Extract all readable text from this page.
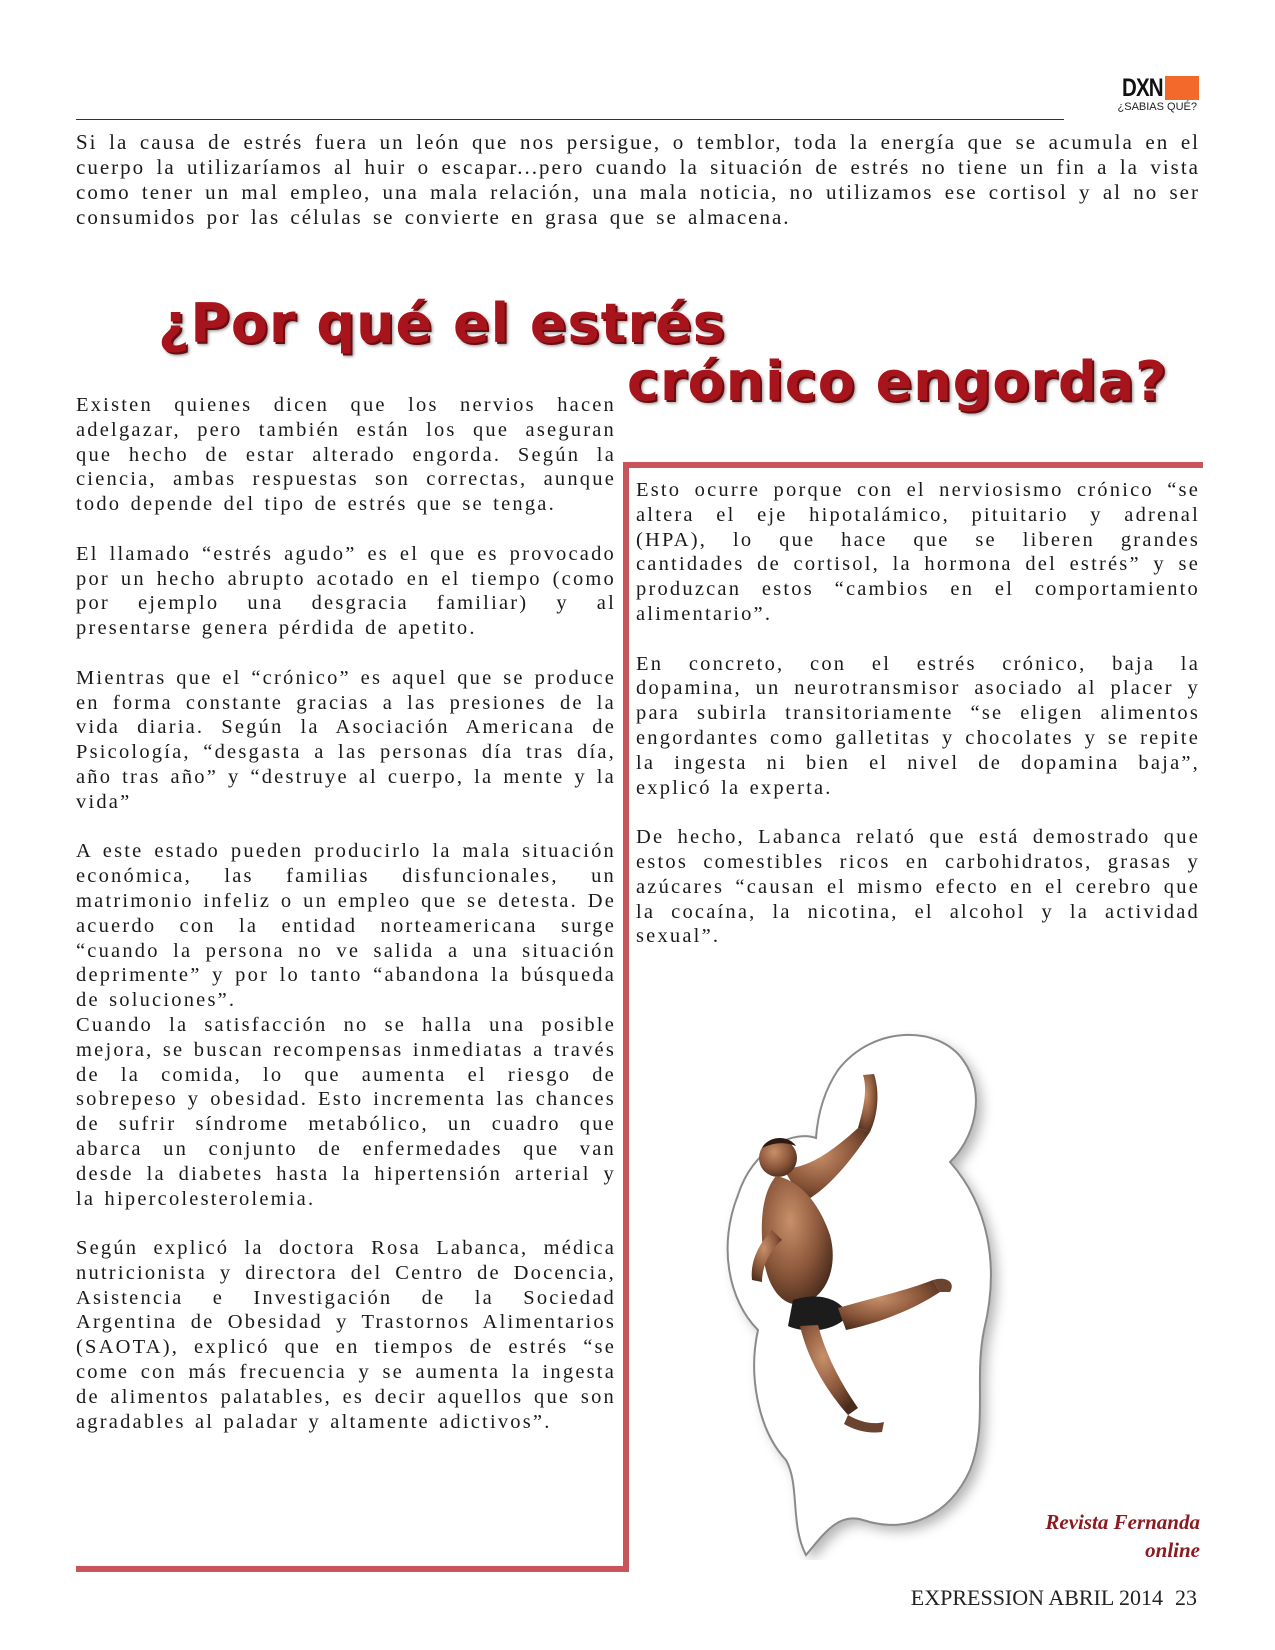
DXN
¿SABIAS QUÉ?

Si la causa de estrés fuera un león que nos persigue, o temblor, toda la energía que se acumula en el cuerpo la utilizaríamos al huir o escapar...pero cuando la situación de estrés no tiene un fin a la vista como tener un mal empleo, una mala relación, una mala noticia, no utilizamos ese cortisol y al no ser consumidos por las células se convierte en grasa que se almacena.

¿Por qué el estrés
crónico engorda?

Existen quienes dicen que los nervios hacen adelgazar, pero también están los que aseguran que hecho de estar alterado engorda. Según la ciencia, ambas respuestas son correctas, aunque todo depende del tipo de estrés que se tenga.

El llamado “estrés agudo” es el que es provocado por un hecho abrupto acotado en el tiempo (como por ejemplo una desgracia familiar) y al presentarse genera pérdida de apetito.

Mientras que el “crónico” es aquel que se produce en forma constante gracias a las presiones de la vida diaria. Según la Asociación Americana de Psicología, “desgasta a las personas día tras día, año tras año” y “destruye al cuerpo, la mente y la vida”

A este estado pueden producirlo la mala situación económica, las familias disfuncionales, un matrimonio infeliz o un empleo que se detesta. De acuerdo con la entidad norteamericana surge “cuando la persona no ve salida a una situación deprimente” y por lo tanto “abandona la búsqueda de soluciones”.

Cuando la satisfacción no se halla una posible mejora, se buscan recompensas inmediatas a través de la comida, lo que aumenta el riesgo de sobrepeso y obesidad. Esto incrementa las chances de sufrir síndrome metabólico, un cuadro que abarca un conjunto de enfermedades que van desde la diabetes hasta la hipertensión arterial y la hipercolesterolemia.

Según explicó la doctora Rosa Labanca, médica nutricionista y directora del Centro de Docencia, Asistencia e Investigación de la Sociedad Argentina de Obesidad y Trastornos Alimentarios (SAOTA), explicó que en tiempos de estrés “se come con más frecuencia y se aumenta la ingesta de alimentos palatables, es decir aquellos que son agradables al paladar y altamente adictivos”.

Esto ocurre porque con el nerviosismo crónico “se altera el eje hipotalámico, pituitario y adrenal (HPA), lo que hace que se liberen grandes cantidades de cortisol, la hormona del estrés” y se produzcan estos “cambios en el comportamiento alimentario”.

En concreto, con el estrés crónico, baja la dopamina, un neurotransmisor asociado al placer y para subirla transitoriamente “se eligen alimentos engordantes como galletitas y chocolates y se repite la ingesta ni bien el nivel de dopamina baja”, explicó la experta.

De hecho, Labanca relató que está demostrado que estos comestibles ricos en carbohidratos, grasas y azúcares “causan el mismo efecto en el cerebro que la cocaína, la nicotina, el alcohol y la actividad sexual”.

Revista Fernanda online

EXPRESSION ABRIL 2014 23
